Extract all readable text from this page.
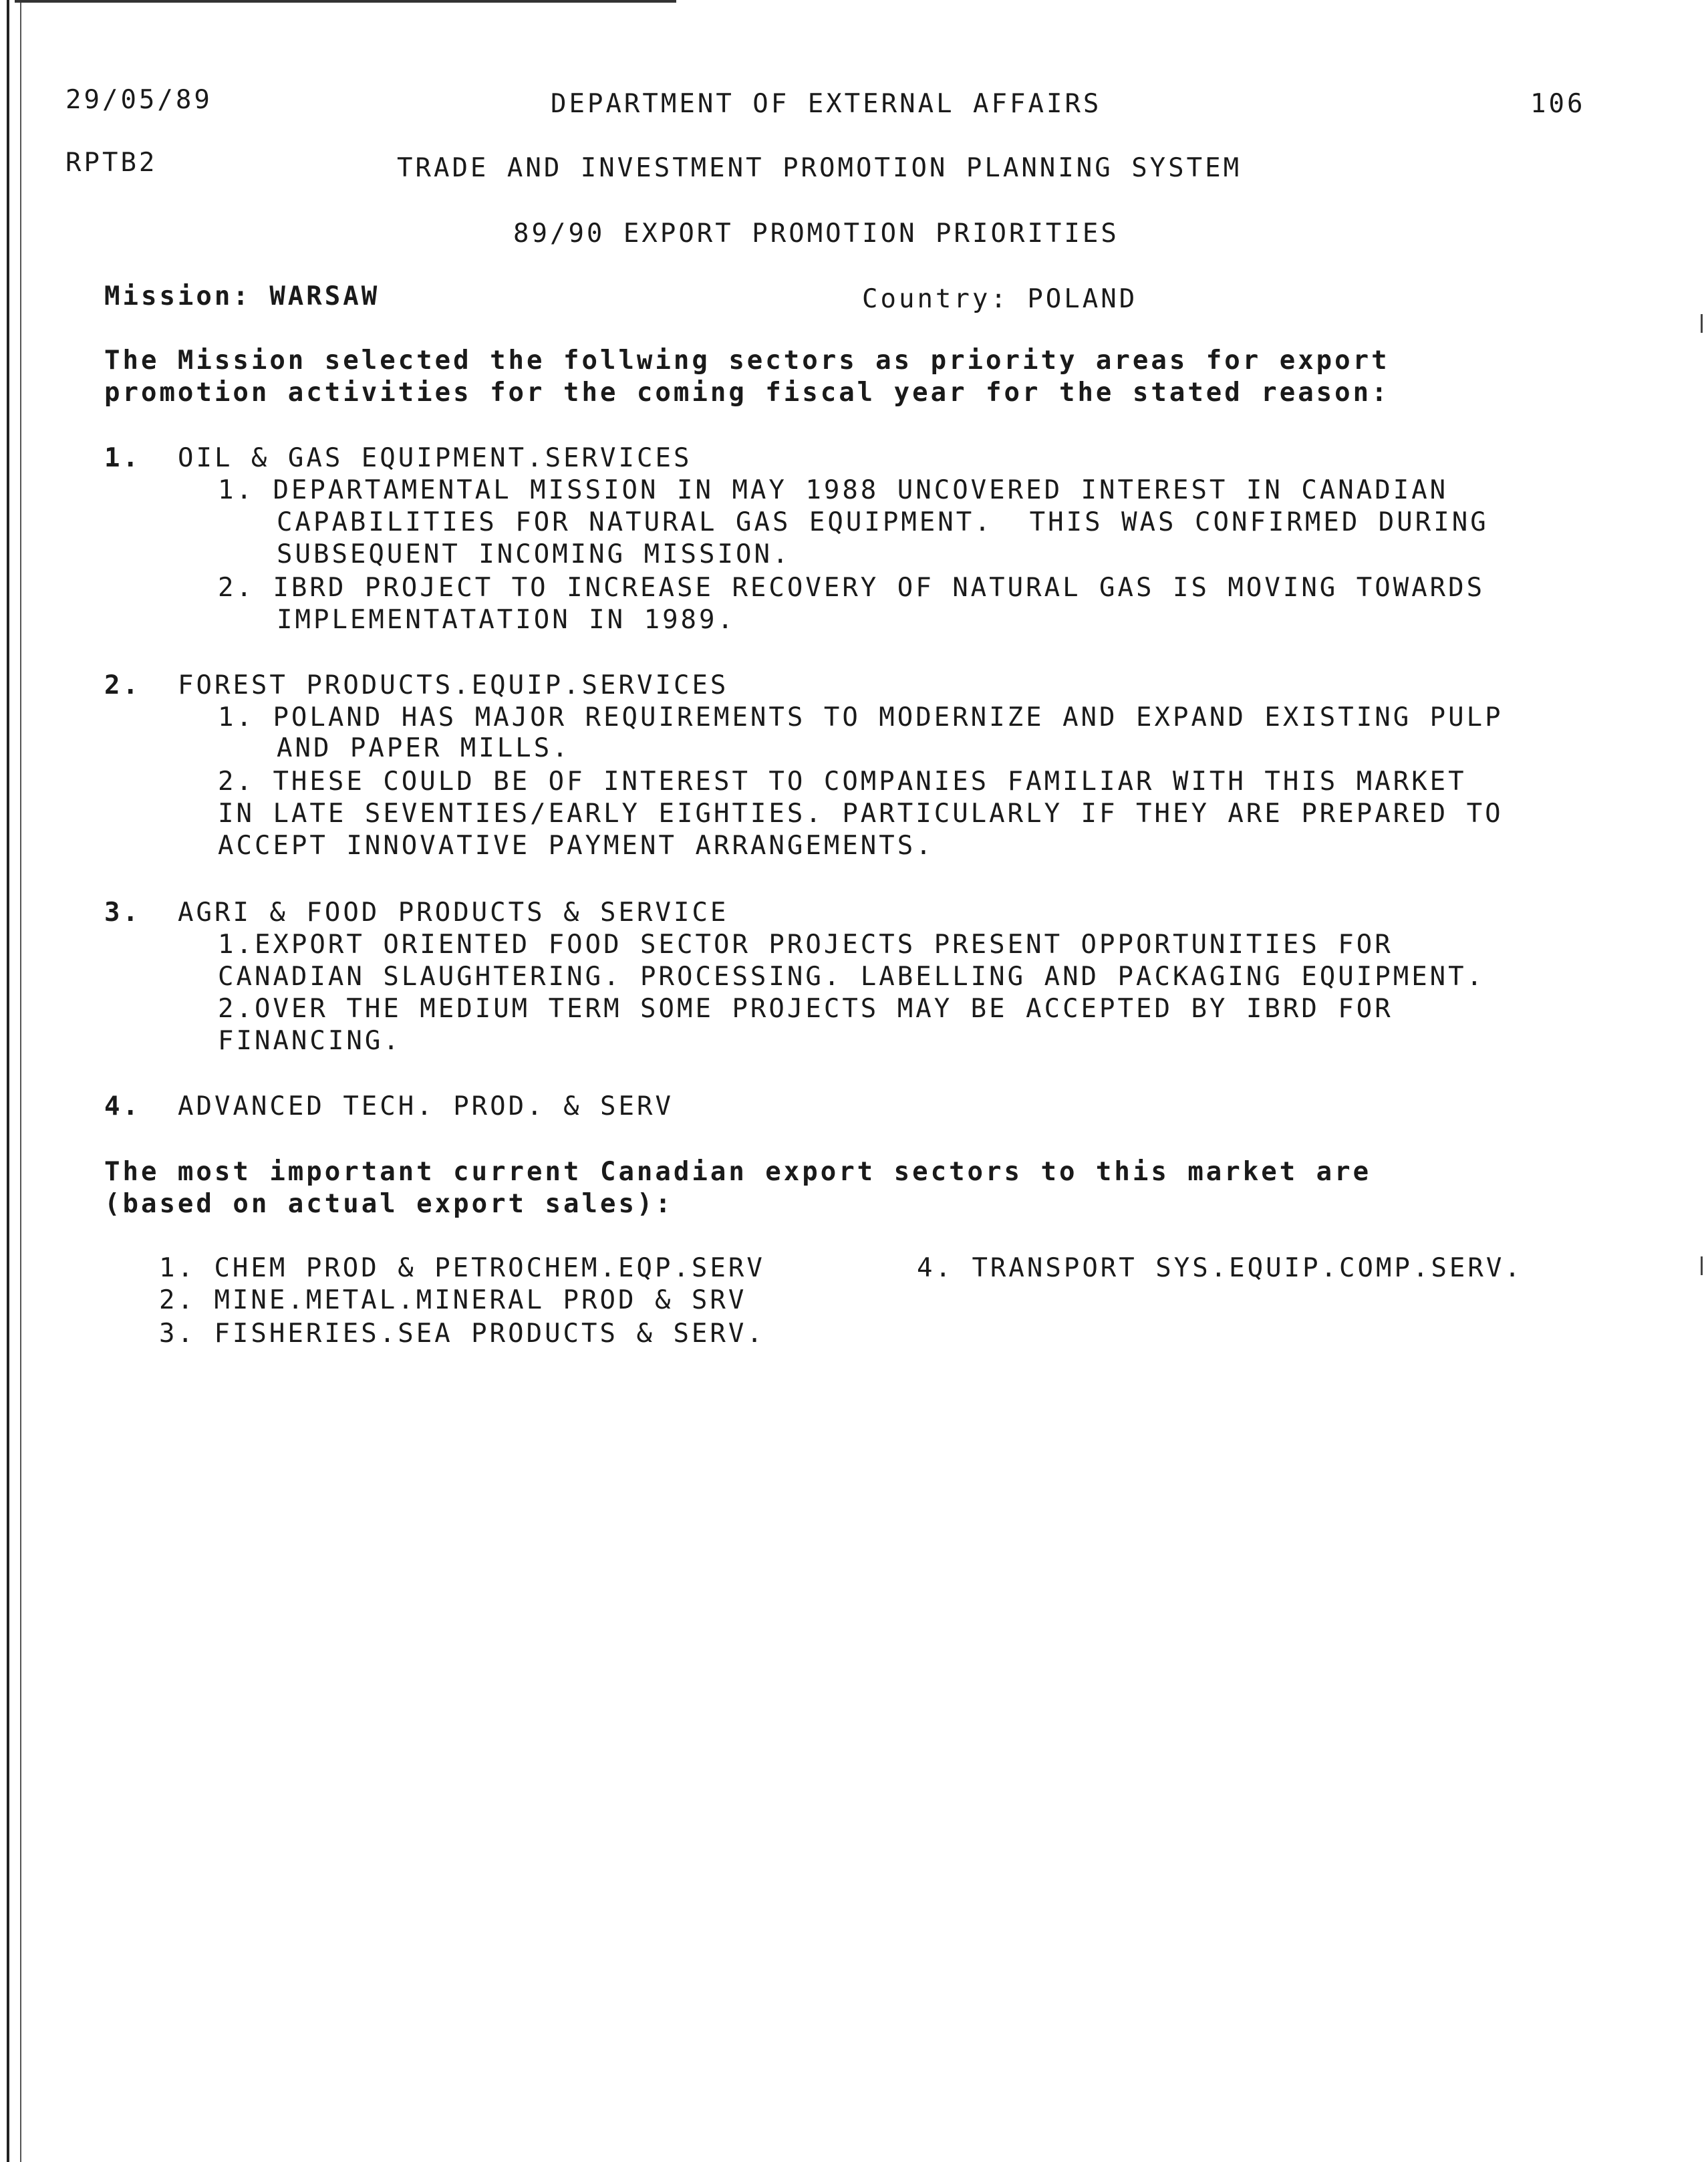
29/05/89	DEPARTMENT OF EXTERNAL AFFAIRS	106
RPTB2	TRADE AND INVESTMENT PROMOTION PLANNING SYSTEM
89/90 EXPORT PROMOTION PRIORITIES
Mission: WARSAW	Country: POLAND
The Mission selected the follwing sectors as priority areas for export
promotion activities for the coming fiscal year for the stated reason:
1. OIL & GAS EQUIPMENT.SERVICES
1. DEPARTAMENTAL MISSION IN MAY 1988 UNCOVERED INTEREST IN CANADIAN
CAPABILITIES FOR NATURAL GAS EQUIPMENT.  THIS WAS CONFIRMED DURING
SUBSEQUENT INCOMING MISSION.
2. IBRD PROJECT TO INCREASE RECOVERY OF NATURAL GAS IS MOVING TOWARDS
IMPLEMENTATATION IN 1989.
2. FOREST PRODUCTS.EQUIP.SERVICES
1. POLAND HAS MAJOR REQUIREMENTS TO MODERNIZE AND EXPAND EXISTING PULP
AND PAPER MILLS.
2. THESE COULD BE OF INTEREST TO COMPANIES FAMILIAR WITH THIS MARKET
IN LATE SEVENTIES/EARLY EIGHTIES. PARTICULARLY IF THEY ARE PREPARED TO
ACCEPT INNOVATIVE PAYMENT ARRANGEMENTS.
3. AGRI & FOOD PRODUCTS & SERVICE
1.EXPORT ORIENTED FOOD SECTOR PROJECTS PRESENT OPPORTUNITIES FOR
CANADIAN SLAUGHTERING. PROCESSING. LABELLING AND PACKAGING EQUIPMENT.
2.OVER THE MEDIUM TERM SOME PROJECTS MAY BE ACCEPTED BY IBRD FOR
FINANCING.
4. ADVANCED TECH. PROD. & SERV
The most important current Canadian export sectors to this market are
(based on actual export sales):
1. CHEM PROD & PETROCHEM.EQP.SERV	4. TRANSPORT SYS.EQUIP.COMP.SERV.
2. MINE.METAL.MINERAL PROD & SRV
3. FISHERIES.SEA PRODUCTS & SERV.
